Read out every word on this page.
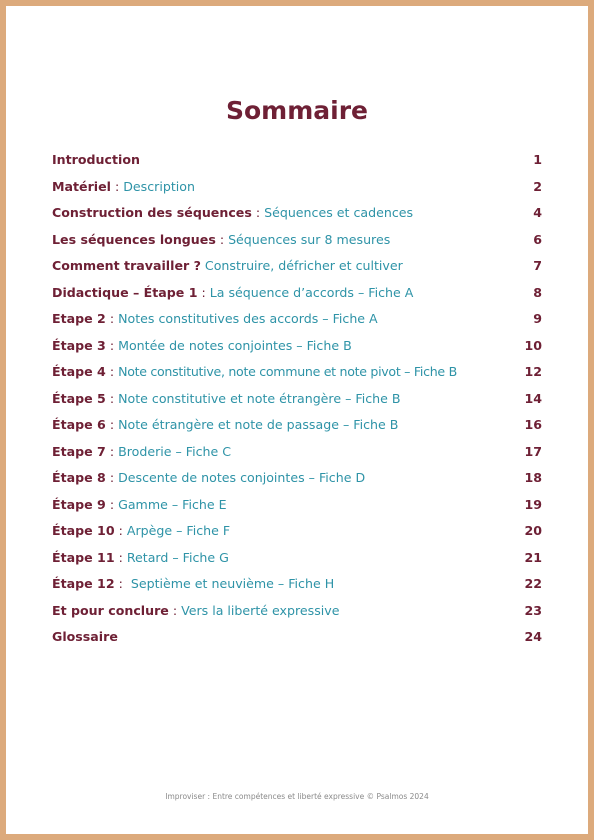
Sommaire
Introduction	1
Matériel : Description	2
Construction des séquences : Séquences et cadences	4
Les séquences longues : Séquences sur 8 mesures	6
Comment travailler ? Construire, défricher et cultiver	7
Didactique – Étape 1 : La séquence d’accords – Fiche A	8
Etape 2 : Notes constitutives des accords – Fiche A	9
Étape 3 : Montée de notes conjointes – Fiche B	10
Étape 4 : Note constitutive, note commune et note pivot – Fiche B	12
Étape 5 : Note constitutive et note étrangère – Fiche B	14
Étape 6 : Note étrangère et note de passage – Fiche B	16
Etape 7 : Broderie – Fiche C	17
Étape 8 : Descente de notes conjointes – Fiche D	18
Étape 9 : Gamme – Fiche E	19
Étape 10 : Arpège – Fiche F	20
Étape 11 : Retard – Fiche G	21
Étape 12 :  Septième et neuvième – Fiche H	22
Et pour conclure : Vers la liberté expressive	23
Glossaire	24
Improviser : Entre compétences et liberté expressive © Psalmos 2024
